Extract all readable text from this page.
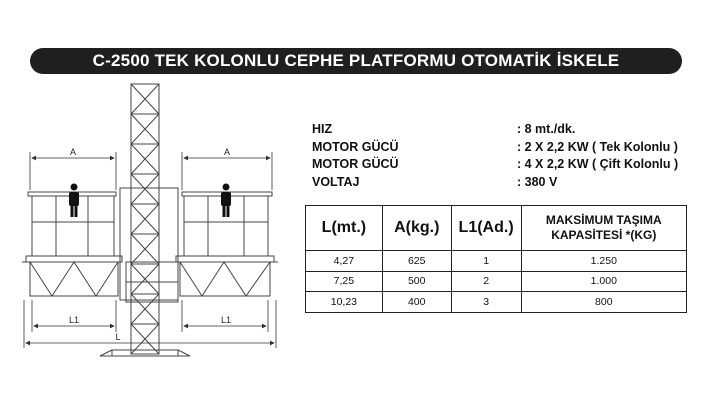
C-2500 TEK KOLONLU CEPHE PLATFORMU OTOMATİK İSKELE
A	A
L1	L1
L
HIZ	: 8 mt./dk.
MOTOR GÜCÜ	: 2 X 2,2 KW ( Tek Kolonlu )
MOTOR GÜCÜ	: 4 X 2,2 KW ( Çift Kolonlu )
VOLTAJ	: 380 V
L(mt.)	A(kg.)	L1(Ad.)	MAKSİMUM TAŞIMA KAPASİTESİ *(KG)
4,27	625	1	1.250
7,25	500	2	1.000
10,23	400	3	800
